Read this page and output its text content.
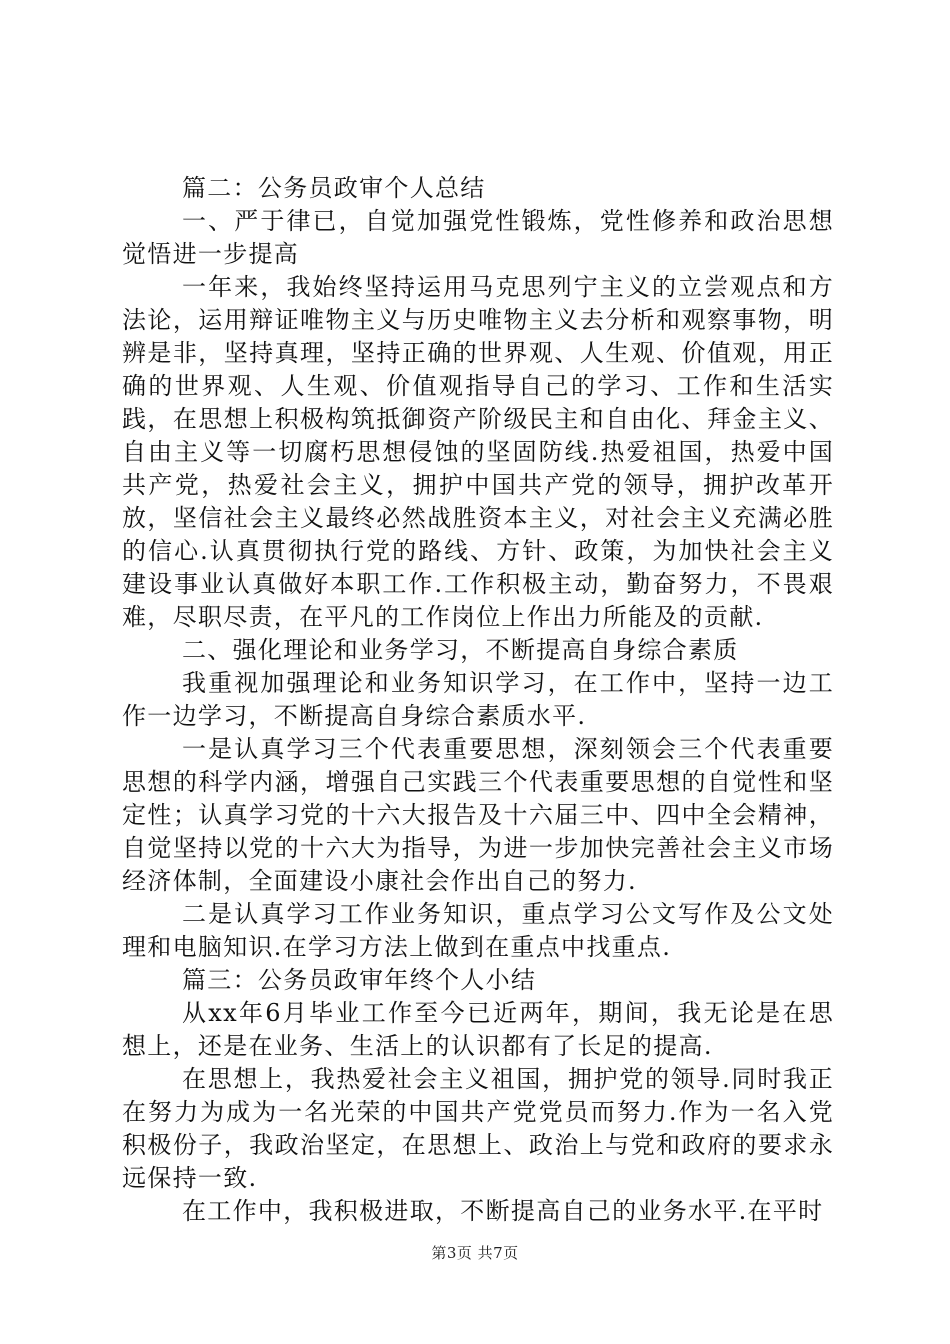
篇二：公务员政审个人总结

一、严于律已，自觉加强党性锻炼，党性修养和政治思想觉悟进一步提高

一年来，我始终坚持运用马克思列宁主义的立尝观点和方法论，运用辩证唯物主义与历史唯物主义去分析和观察事物，明辨是非，坚持真理，坚持正确的世界观、人生观、价值观，用正确的世界观、人生观、价值观指导自己的学习、工作和生活实践，在思想上积极构筑抵御资产阶级民主和自由化、拜金主义、自由主义等一切腐朽思想侵蚀的坚固防线.热爱祖国，热爱中国共产党，热爱社会主义，拥护中国共产党的领导，拥护改革开放，坚信社会主义最终必然战胜资本主义，对社会主义充满必胜的信心.认真贯彻执行党的路线、方针、政策，为加快社会主义建设事业认真做好本职工作.工作积极主动，勤奋努力，不畏艰难，尽职尽责，在平凡的工作岗位上作出力所能及的贡献.

二、强化理论和业务学习，不断提高自身综合素质

我重视加强理论和业务知识学习，在工作中，坚持一边工作一边学习，不断提高自身综合素质水平.

一是认真学习三个代表重要思想，深刻领会三个代表重要思想的科学内涵，增强自己实践三个代表重要思想的自觉性和坚定性；认真学习党的十六大报告及十六届三中、四中全会精神，自觉坚持以党的十六大为指导，为进一步加快完善社会主义市场经济体制，全面建设小康社会作出自己的努力.

二是认真学习工作业务知识，重点学习公文写作及公文处理和电脑知识.在学习方法上做到在重点中找重点.

篇三：公务员政审年终个人小结

从xx年6月毕业工作至今已近两年，期间，我无论是在思想上，还是在业务、生活上的认识都有了长足的提高.

在思想上，我热爱社会主义祖国，拥护党的领导.同时我正在努力为成为一名光荣的中国共产党党员而努力.作为一名入党积极份子，我政治坚定，在思想上、政治上与党和政府的要求永远保持一致.

在工作中，我积极进取，不断提高自己的业务水平.在平时

第3页 共7页
